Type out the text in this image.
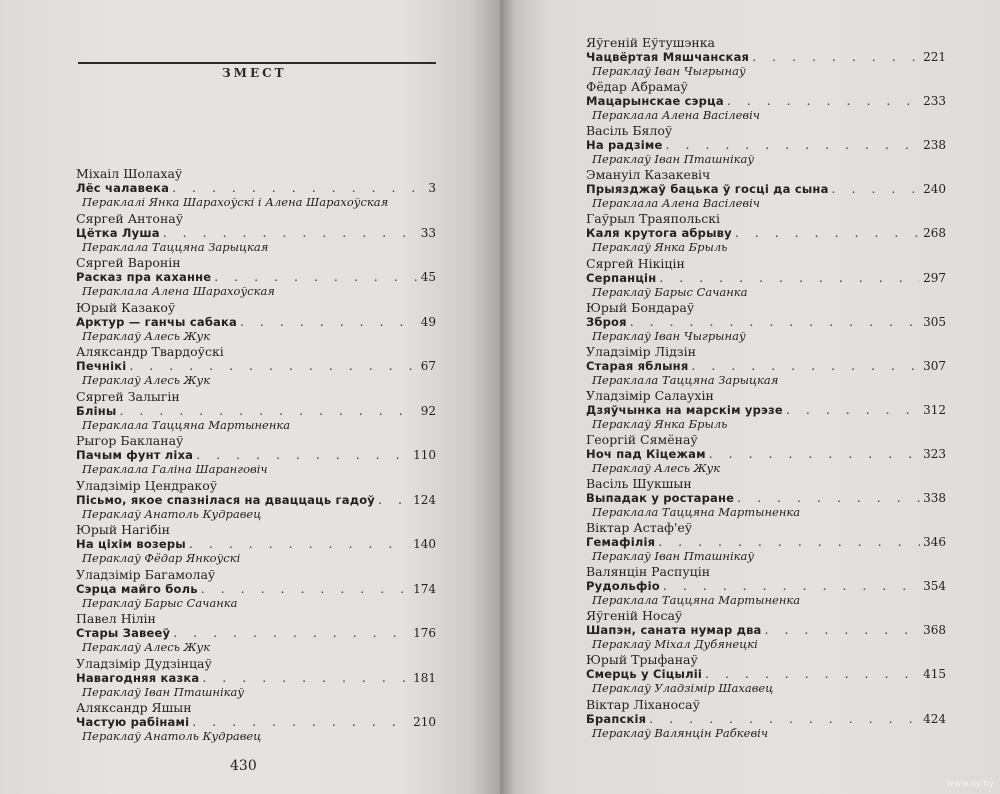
ЗМЕСТ
Міхаіл Шолахаў
Лёс чалавека . . .	3
Пераклалі Янка Шарахоўскі і Алена Шарахоўская
Сяргей Антонаў
Цётка Луша . . .	33
Пераклала Таццяна Зарыцкая
Сяргей Варонін
Расказ пра каханне . . .	45
Пераклала Алена Шарахоўская
Юрый Казакоў
Арктур — ганчы сабака . . .	49
Пераклаў Алесь Жук
Аляксандр Твардоўскі
Печнікі . . .	67
Пераклаў Алесь Жук
Сяргей Залыгін
Бліны . . .	92
Пераклала Таццяна Мартыненка
Рыгор Бакланаў
Пачым фунт ліха . . .	110
Пераклала Галіна Шаранговіч
Уладзімір Цендракоў
Пісьмо, якое спазнілася на дваццаць гадоў . . .	124
Пераклаў Анатоль Кудравец
Юрый Нагібін
На ціхім возеры . . .	140
Пераклаў Фёдар Янкоўскі
Уладзімір Багамолаў
Сэрца майго боль . . .	174
Пераклаў Барыс Сачанка
Павел Нілін
Стары Завееў . . .	176
Пераклаў Алесь Жук
Уладзімір Дудзінцаў
Навагодняя казка . . .	181
Пераклаў Іван Пташнікаў
Аляксандр Яшын
Частую рабінамі . . .	210
Пераклаў Анатоль Кудравец
430
Яўгеній Еўтушэнка
Чацвёртая Мяшчанская . . .	221
Пераклаў Іван Чыгрынаў
Фёдар Абрамаў
Мацарынскае сэрца . . .	233
Пераклала Алена Васілевіч
Васіль Бялоў
На радзіме . . .	238
Пераклаў Іван Пташнікаў
Эмануіл Казакевіч
Прыязджаў бацька ў госці да сына . . .	240
Пераклала Алена Васілевіч
Гаўрыл Траяпольскі
Каля крутога абрыву . . .	268
Пераклаў Янка Брыль
Сяргей Нікіцін
Серпанцін . . .	297
Пераклаў Барыс Сачанка
Юрый Бондараў
Зброя . . .	305
Пераклаў Іван Чыгрынаў
Уладзімір Лідзін
Старая яблыня . . .	307
Пераклала Таццяна Зарыцкая
Уладзімір Салаухін
Дзяўчынка на марскім урэзе . . .	312
Пераклаў Янка Брыль
Георгій Сямёнаў
Ноч пад Кіцежам . . .	323
Пераклаў Алесь Жук
Васіль Шукшын
Выпадак у ростаране . . .	338
Пераклала Таццяна Мартыненка
Віктар Астаф'еў
Гемафілія . . .	346
Пераклаў Іван Пташнікаў
Валянцін Распуцін
Рудольфіо . . .	354
Пераклала Таццяна Мартыненка
Яўгеній Носаў
Шапэн, саната нумар два . . .	368
Пераклаў Міхал Дубянецкі
Юрый Трыфанаў
Смерць у Сіцыліі . . .	415
Пераклаў Уладзімір Шахавец
Віктар Ліханосаў
Брапскія . . .	424
Пераклаў Валянцін Рабкевіч
www.ay.by
